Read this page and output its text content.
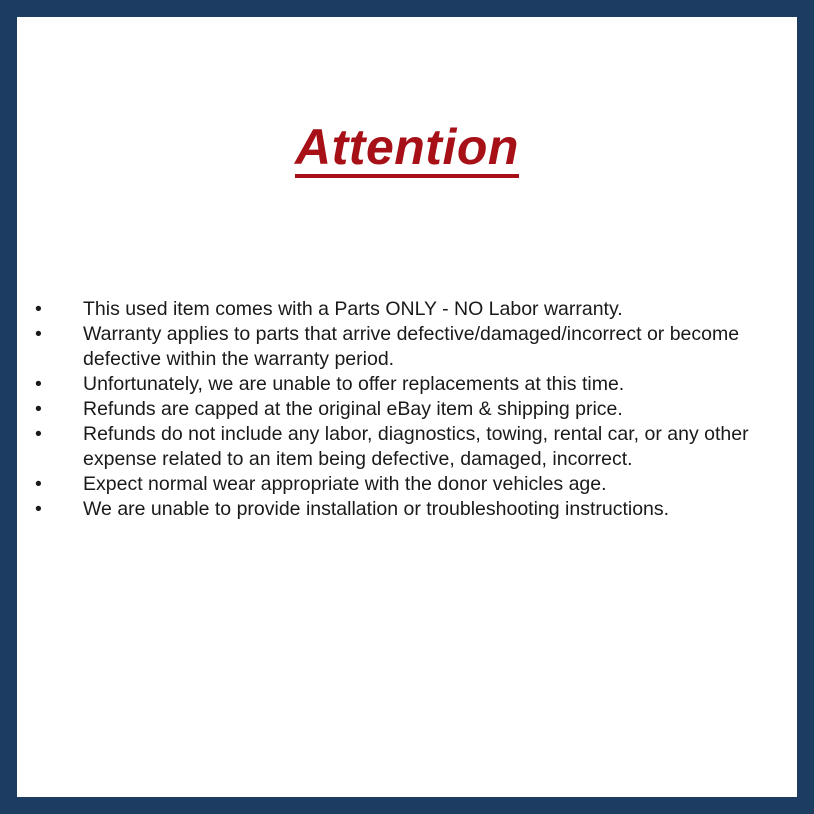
Attention
• This used item comes with a Parts ONLY - NO Labor warranty.
• Warranty applies to parts that arrive defective/damaged/incorrect or become defective within the warranty period.
• Unfortunately, we are unable to offer replacements at this time.
• Refunds are capped at the original eBay item & shipping price.
• Refunds do not include any labor, diagnostics, towing, rental car, or any other expense related to an item being defective, damaged, incorrect.
• Expect normal wear appropriate with the donor vehicles age.
• We are unable to provide installation or troubleshooting instructions.
